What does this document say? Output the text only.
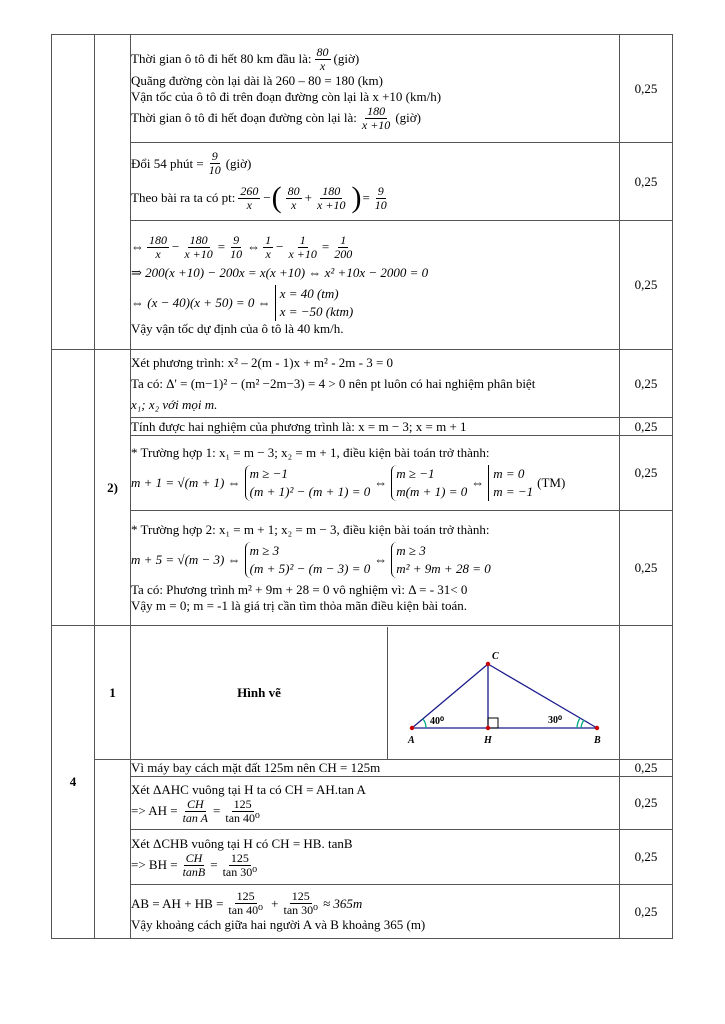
Thời gian ô tô đi hết 80 km đầu là: $\frac{80}{x}$ (giờ)
Quãng đường còn lại dài là 260 – 80 = 180 (km)
Vận tốc của ô tô đi trên đoạn đường còn lại là x +10 (km/h)
Thời gian ô tô đi hết đoạn đường còn lại là: $\frac{180}{x +10}$ (giờ)
	0,25

Đổi 54 phút = $\frac{9}{10}$ (giờ)
Theo bài ra ta có pt: $\frac{260}{x}$ − ( $\frac{80}{x} + \frac{180}{x +10}$ ) = $\frac{9}{10}$
	0,25

⇔ $\frac{180}{x} - \frac{180}{x +10} = \frac{9}{10}$ ⇔ $\frac{1}{x} - \frac{1}{x +10} = \frac{1}{200}$
⇒ 200(x +10) − 200x = x(x +10) ⇔ x² +10x − 2000 = 0
⇔ (x − 40)(x + 50) = 0 ⇔
x = 40 (tm)
x = −50 (ktm)
Vậy vận tốc dự định của ô tô là 40 km/h.
	0,25
	2)	
Xét phương trình: x² – 2(m - 1)x + m² - 2m - 3 = 0
Ta có: Δ' = (m−1)² − (m² −2m−3) = 4 > 0 nên pt luôn có hai nghiệm phân biệt
x₁; x₂ với mọi m.
	0,25

Tính được hai nghiệm của phương trình là: x = m − 3; x = m + 1	0,25

* Trường hợp 1: x₁ = m − 3; x₂ = m + 1, điều kiện bài toán trở thành:
m + 1 = √(m + 1) ⇔
m ≥ −1
(m + 1)² − (m + 1) = 0
⇔
m ≥ −1
m(m + 1) = 0
⇔
m = 0
m = −1
(TM)
	0,25

* Trường hợp 2: x₁ = m + 1; x₂ = m − 3, điều kiện bài toán trở thành:
m + 5 = √(m − 3) ⇔
m ≥ 3
(m + 5)² − (m − 3) = 0
⇔
m ≥ 3
m² + 9m + 28 = 0
Ta có: Phương trình m² + 9m + 28 = 0 vô nghiệm vì: Δ = - 31< 0
Vậy m = 0; m = -1 là giá trị cần tìm thỏa mãn điều kiện bài toán.
	0,25
4	1		Hình vẽ	
A	H	B
C
40⁰	30⁰

Vì máy bay cách mặt đất 125m nên CH = 125m	0,25

Xét ΔAHC vuông tại H ta có CH = AH.tan A
=> AH = $\frac{CH}{\text{tan A}} = \frac{125}{\text{tan 40⁰}}$	0,25

Xét ΔCHB vuông tại H có CH = HB. tanB
=> BH = $\frac{CH}{\tan B} = \frac{125}{\text{tan 30⁰}}$	0,25

AB = AH + HB = $\frac{125}{\text{tan 40⁰}} + \frac{125}{\text{tan 30⁰}} \approx 365m$
Vậy khoảng cách giữa hai người A và B khoảng 365 (m)
	0,25
